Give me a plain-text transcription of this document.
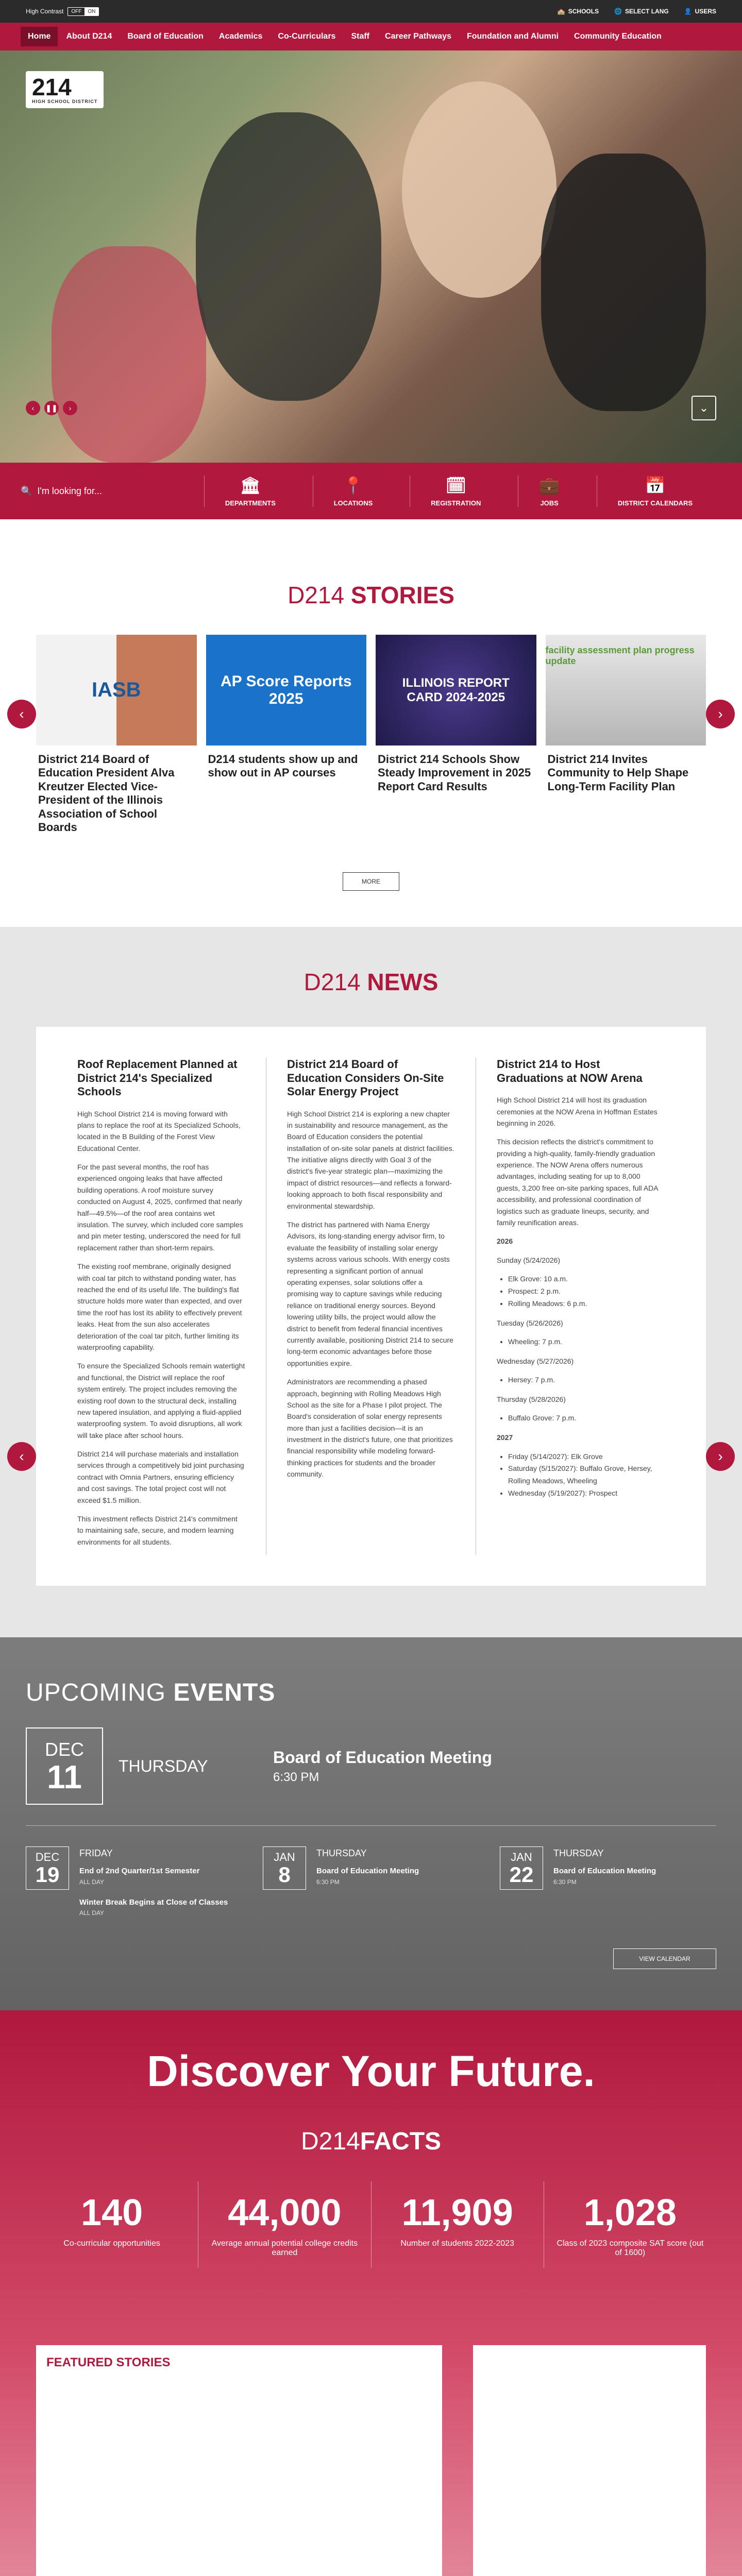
High Contrast	OFF	ON	🏫 SCHOOLS	🌐 SELECT LANG	👤 USERS
Home	About D214	Board of Education	Academics	Co-Curriculars	Staff	Career Pathways	Foundation and Alumni	Community Education
214
HIGH SCHOOL DISTRICT
‹	❚❚	›	⌄
🔍 I'm looking for...	🏛
DEPARTMENTS
📍
LOCATIONS
🗓
REGISTRATION
💼
JOBS
📅
DISTRICT CALENDARS
D214 STORIES
‹	›
IASB
District 214 Board of Education President Alva Kreutzer Elected Vice-President of the Illinois Association of School Boards
AP Score Reports 2025
D214 students show up and show out in AP courses
ILLINOIS REPORT CARD 2024-2025
District 214 Schools Show Steady Improvement in 2025 Report Card Results
facility assessment plan progress update
District 214 Invites Community to Help Shape Long-Term Facility Plan
MORE
D214 NEWS
‹	›
Roof Replacement Planned at District 214's Specialized Schools

High School District 214 is moving forward with plans to replace the roof at its Specialized Schools, located in the B Building of the Forest View Educational Center.

For the past several months, the roof has experienced ongoing leaks that have affected building operations. A roof moisture survey conducted on August 4, 2025, confirmed that nearly half—49.5%—of the roof area contains wet insulation. The survey, which included core samples and pin meter testing, underscored the need for full replacement rather than short-term repairs.

The existing roof membrane, originally designed with coal tar pitch to withstand ponding water, has reached the end of its useful life. The building's flat structure holds more water than expected, and over time the roof has lost its ability to effectively prevent leaks. Heat from the sun also accelerates deterioration of the coal tar pitch, further limiting its waterproofing capability.

To ensure the Specialized Schools remain watertight and functional, the District will replace the roof system entirely. The project includes removing the existing roof down to the structural deck, installing new tapered insulation, and applying a fluid-applied waterproofing system. To avoid disruptions, all work will take place after school hours.

District 214 will purchase materials and installation services through a competitively bid joint purchasing contract with Omnia Partners, ensuring efficiency and cost savings. The total project cost will not exceed $1.5 million.

This investment reflects District 214's commitment to maintaining safe, secure, and modern learning environments for all students.

District 214 Board of Education Considers On-Site Solar Energy Project

High School District 214 is exploring a new chapter in sustainability and resource management, as the Board of Education considers the potential installation of on-site solar panels at district facilities. The initiative aligns directly with Goal 3 of the district's five-year strategic plan—maximizing the impact of district resources—and reflects a forward-looking approach to both fiscal responsibility and environmental stewardship.

The district has partnered with Nama Energy Advisors, its long-standing energy advisor firm, to evaluate the feasibility of installing solar energy systems across various schools. With energy costs representing a significant portion of annual operating expenses, solar solutions offer a promising way to capture savings while reducing reliance on traditional energy sources. Beyond lowering utility bills, the project would allow the district to benefit from federal financial incentives currently available, positioning District 214 to secure long-term economic advantages before those opportunities expire.

Administrators are recommending a phased approach, beginning with Rolling Meadows High School as the site for a Phase I pilot project. The Board's consideration of solar energy represents more than just a facilities decision—it is an investment in the district's future, one that prioritizes financial responsibility while modeling forward-thinking practices for students and the broader community.

District 214 to Host Graduations at NOW Arena

High School District 214 will host its graduation ceremonies at the NOW Arena in Hoffman Estates beginning in 2026.

This decision reflects the district's commitment to providing a high-quality, family-friendly graduation experience. The NOW Arena offers numerous advantages, including seating for up to 8,000 guests, 3,200 free on-site parking spaces, full ADA accessibility, and professional coordination of logistics such as graduate lineups, security, and family reunification areas.

2026

Sunday (5/24/2026)

• Elk Grove: 10 a.m.
• Prospect: 2 p.m.
• Rolling Meadows: 6 p.m.

Tuesday (5/26/2026)

• Wheeling: 7 p.m.

Wednesday (5/27/2026)

• Hersey: 7 p.m.

Thursday (5/28/2026)

• Buffalo Grove: 7 p.m.

2027

• Friday (5/14/2027): Elk Grove
• Saturday (5/15/2027): Buffalo Grove, Hersey, Rolling Meadows, Wheeling
• Wednesday (5/19/2027): Prospect
UPCOMING EVENTS
DEC
11 THURSDAY	Board of Education Meeting
6:30 PM
DEC
19
FRIDAY
End of 2nd Quarter/1st Semester
ALL DAY
Winter Break Begins at Close of Classes
ALL DAY
JAN
8
THURSDAY
Board of Education Meeting
6:30 PM
JAN
22
THURSDAY
Board of Education Meeting
6:30 PM
VIEW CALENDAR
Discover Your Future.
D214FACTS
140
Co-curricular opportunities
44,000
Average annual potential college credits earned
11,909
Number of students 2022-2023
1,028
Class of 2023 composite SAT score (out of 1600)
FEATURED STORIES
